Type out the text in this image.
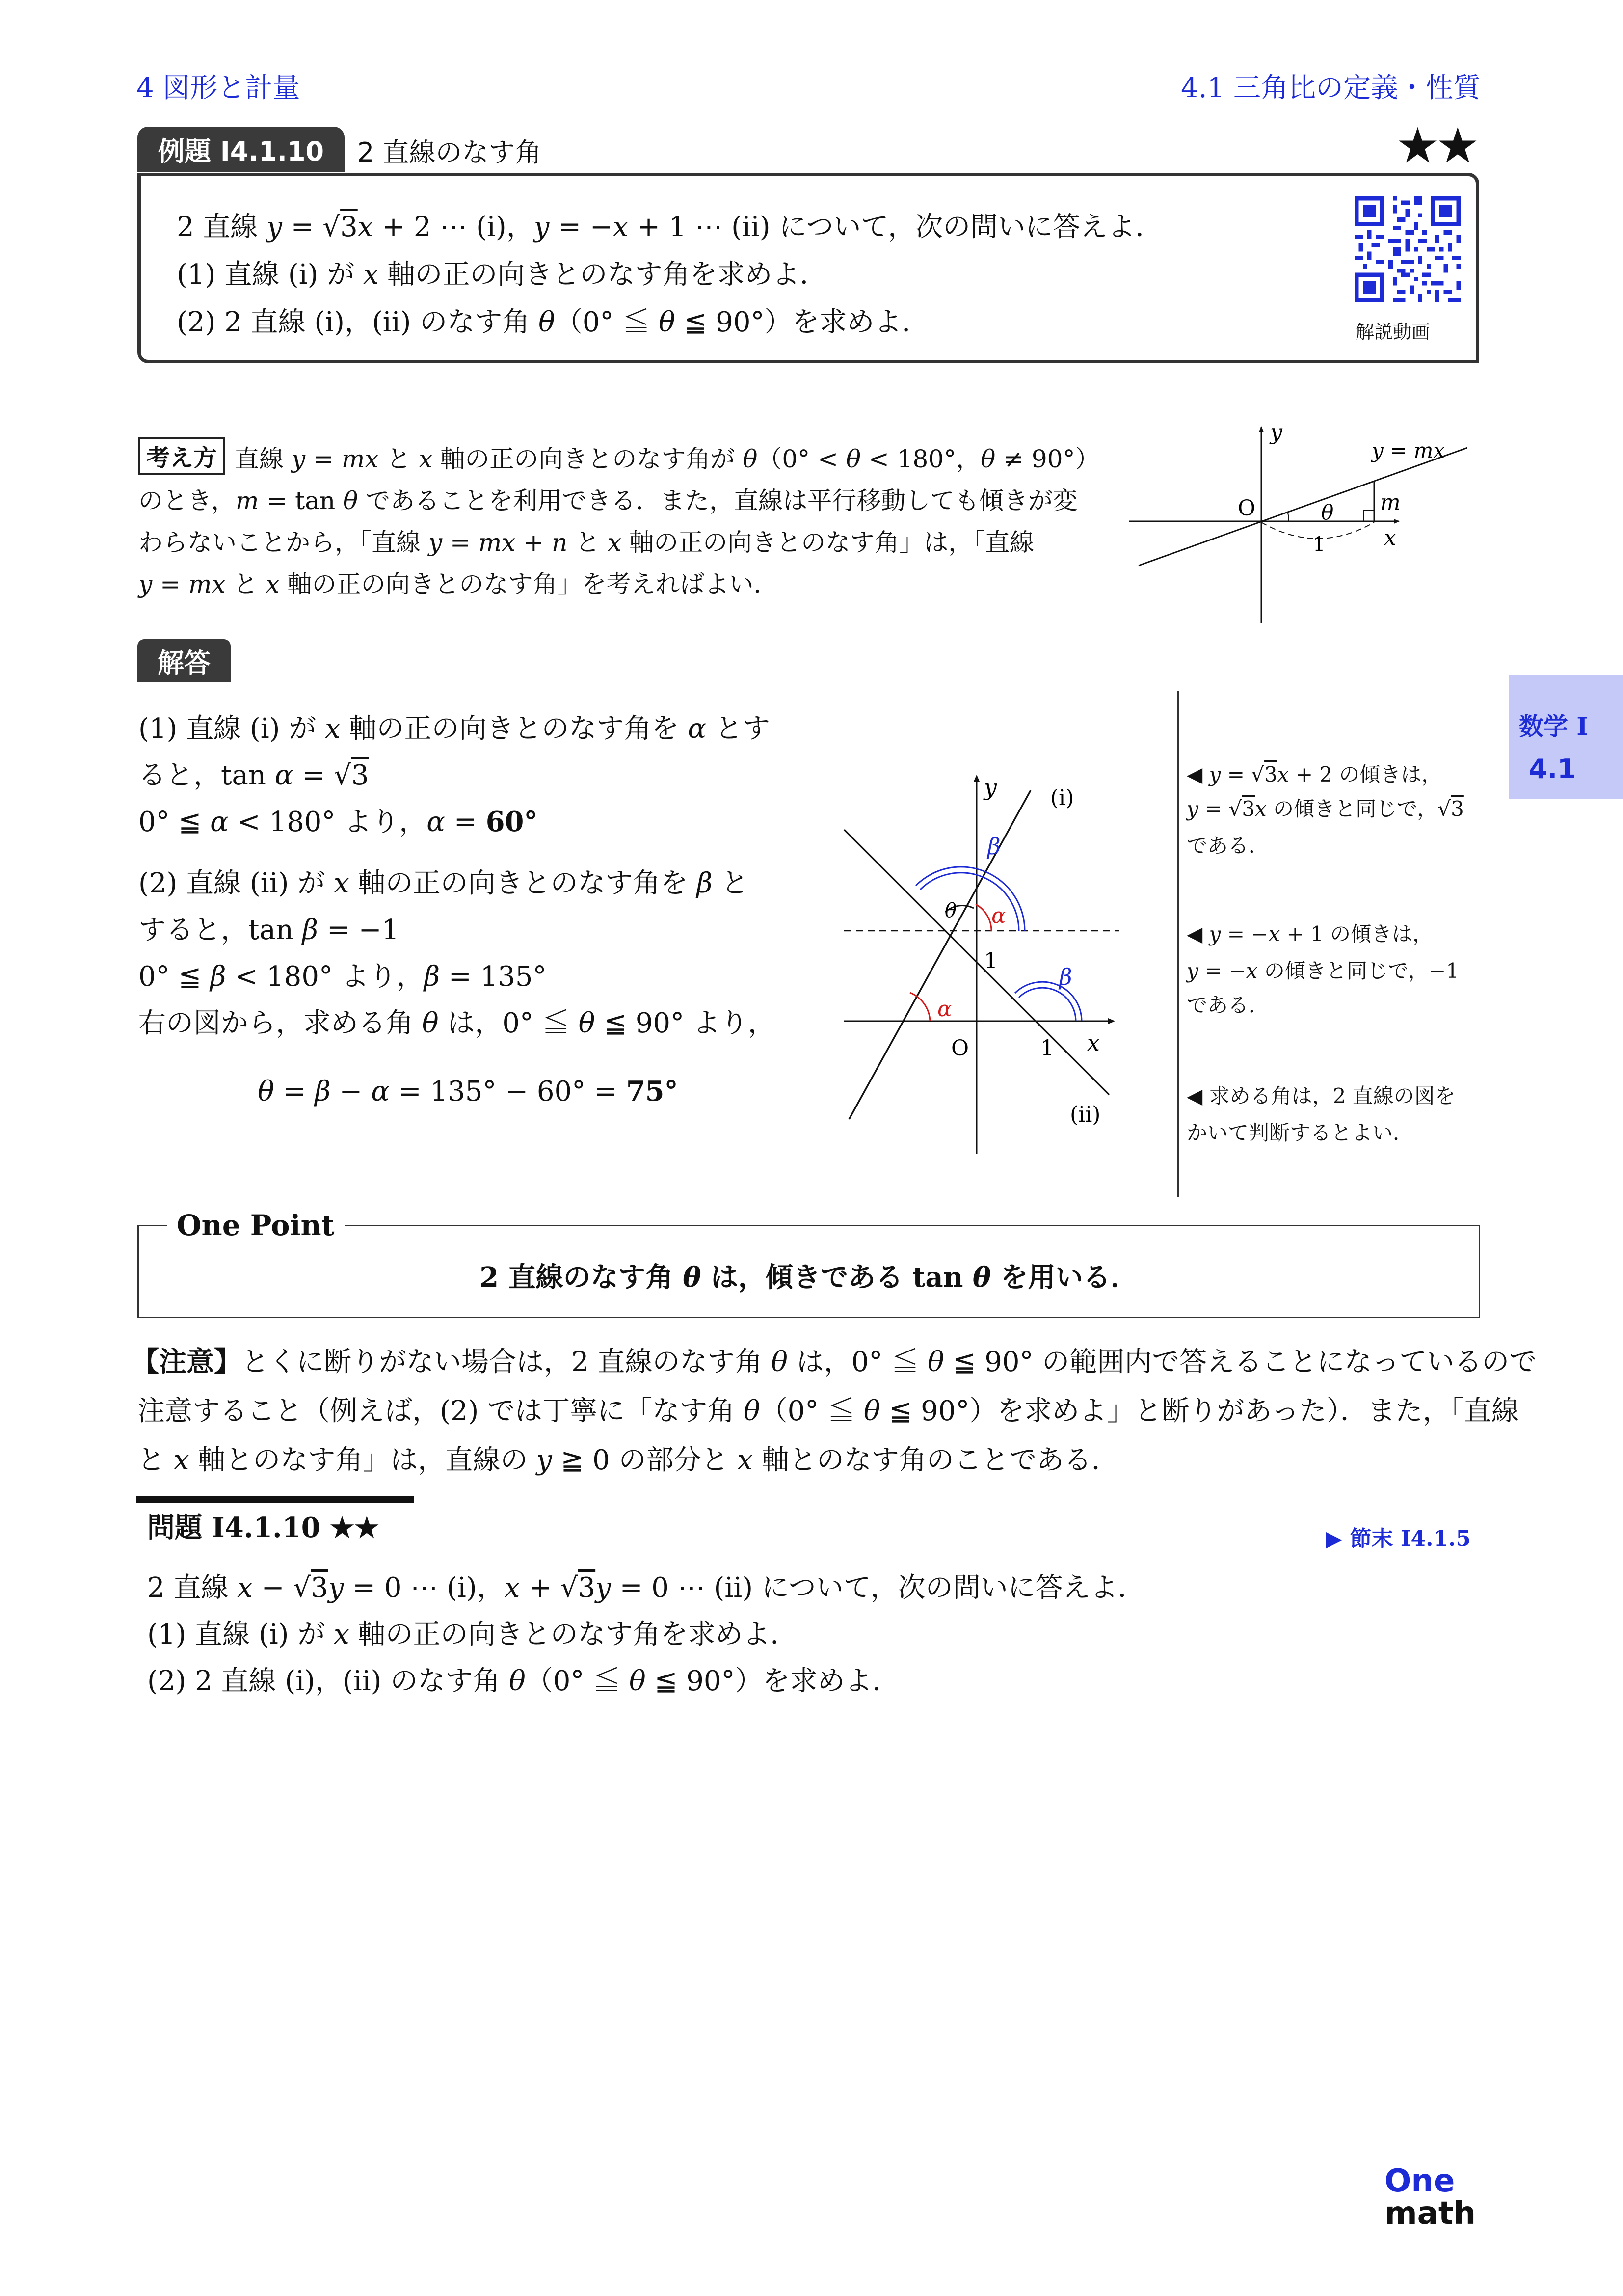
4 図形と計量	4.1 三角比の定義・性質
例題 I4.1.10	2 直線のなす角	★★
2 直線 y = √3x + 2 ⋯ (i)，y = −x + 1 ⋯ (ii) について，次の問いに答えよ．
(1) 直線 (i) が x 軸の正の向きとのなす角を求めよ．
(2) 2 直線 (i)，(ii) のなす角 θ（0° ≦ θ ≦ 90°）を求めよ．	解説動画
考え方 直線 y = mx と x 軸の正の向きとのなす角が θ（0° < θ < 180°，θ ≠ 90°）
のとき，m = tan θ であることを利用できる．また，直線は平行移動しても傾きが変
わらないことから，「直線 y = mx + n と x 軸の正の向きとのなす角」は，「直線
y = mx と x 軸の正の向きとのなす角」を考えればよい．
y
x
O
y = mx
m
1
θ
解答
(1) 直線 (i) が x 軸の正の向きとのなす角を α とす
ると，tan α = √3
0° ≦ α < 180° より，α = 60°
(2) 直線 (ii) が x 軸の正の向きとのなす角を β と
すると，tan β = −1
0° ≦ β < 180° より，β = 135°
右の図から，求める角 θ は，0° ≦ θ ≦ 90° より，
θ = β − α = 135° − 60° = 75°
y
x
O	1
1
(i)
(ii)
α
α
β
β
θ
◀ y = √3x + 2 の傾きは，
y = √3x の傾きと同じで，√3
である．
◀ y = −x + 1 の傾きは，
y = −x の傾きと同じで，−1
である．
◀ 求める角は，2 直線の図を
かいて判断するとよい．
数学 I
4.1
One Point
2 直線のなす角 θ は，傾きである tan θ を用いる．
【注意】とくに断りがない場合は，2 直線のなす角 θ は，0° ≦ θ ≦ 90° の範囲内で答えることになっているので
注意すること（例えば，(2) では丁寧に「なす角 θ（0° ≦ θ ≦ 90°）を求めよ」と断りがあった）．また，「直線
と x 軸とのなす角」は，直線の y ≧ 0 の部分と x 軸とのなす角のことである．
問題 I4.1.10 ★★	▶ 節末 I4.1.5
2 直線 x − √3y = 0 ⋯ (i)，x + √3y = 0 ⋯ (ii) について，次の問いに答えよ．
(1) 直線 (i) が x 軸の正の向きとのなす角を求めよ．
(2) 2 直線 (i)，(ii) のなす角 θ（0° ≦ θ ≦ 90°）を求めよ．
One
math
